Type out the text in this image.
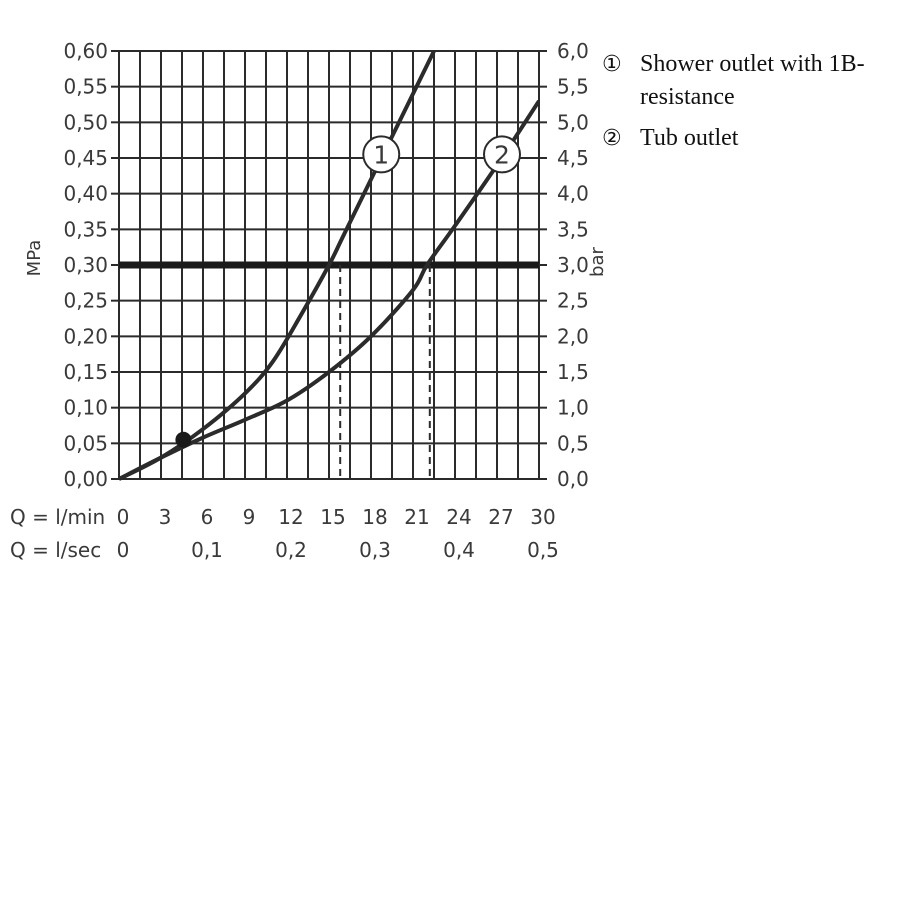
0,00	0,0
0,05	0,5
0,10	1,0
0,15	1,5
0,20	2,0
0,25	2,5
0,30	3,0
0,35	3,5
0,40	4,0
0,45	4,5
0,50	5,0
0,55	5,5
0,60	6,0
1	2
Q = l/min 0 3 6 9 12 15 18 21 24 27 30
Q = l/sec 0	0,1	0,2	0,3	0,4	0,5
MPa	bar
① Shower outlet with 1B-resistance
② Tub outlet
